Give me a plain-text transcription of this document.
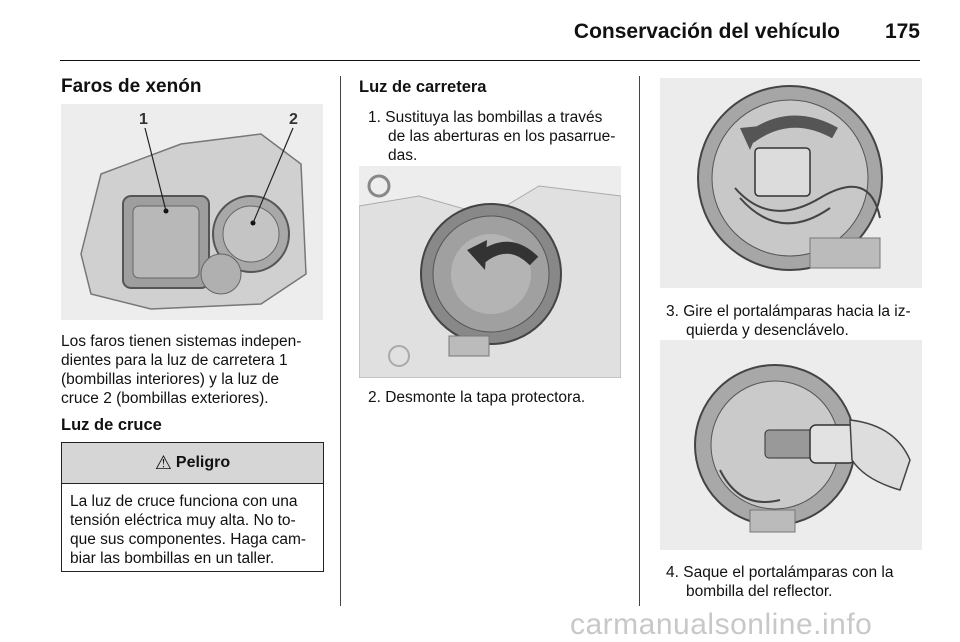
Conservación del vehículo 175
Faros de xenón
1	2
Los faros tienen sistemas indepen-
dientes para la luz de carretera 1
(bombillas interiores) y la luz de
cruce 2 (bombillas exteriores).
Luz de cruce
⚠ Peligro
La luz de cruce funciona con una
tensión eléctrica muy alta. No to-
que sus componentes. Haga cam-
biar las bombillas en un taller.
Luz de carretera
1. Sustituya las bombillas a través
de las aberturas en los pasarrue-
das.
2. Desmonte la tapa protectora.
3. Gire el portalámparas hacia la iz-
quierda y desenclávelo.
4. Saque el portalámparas con la
bombilla del reflector.
carmanualsonline.info
